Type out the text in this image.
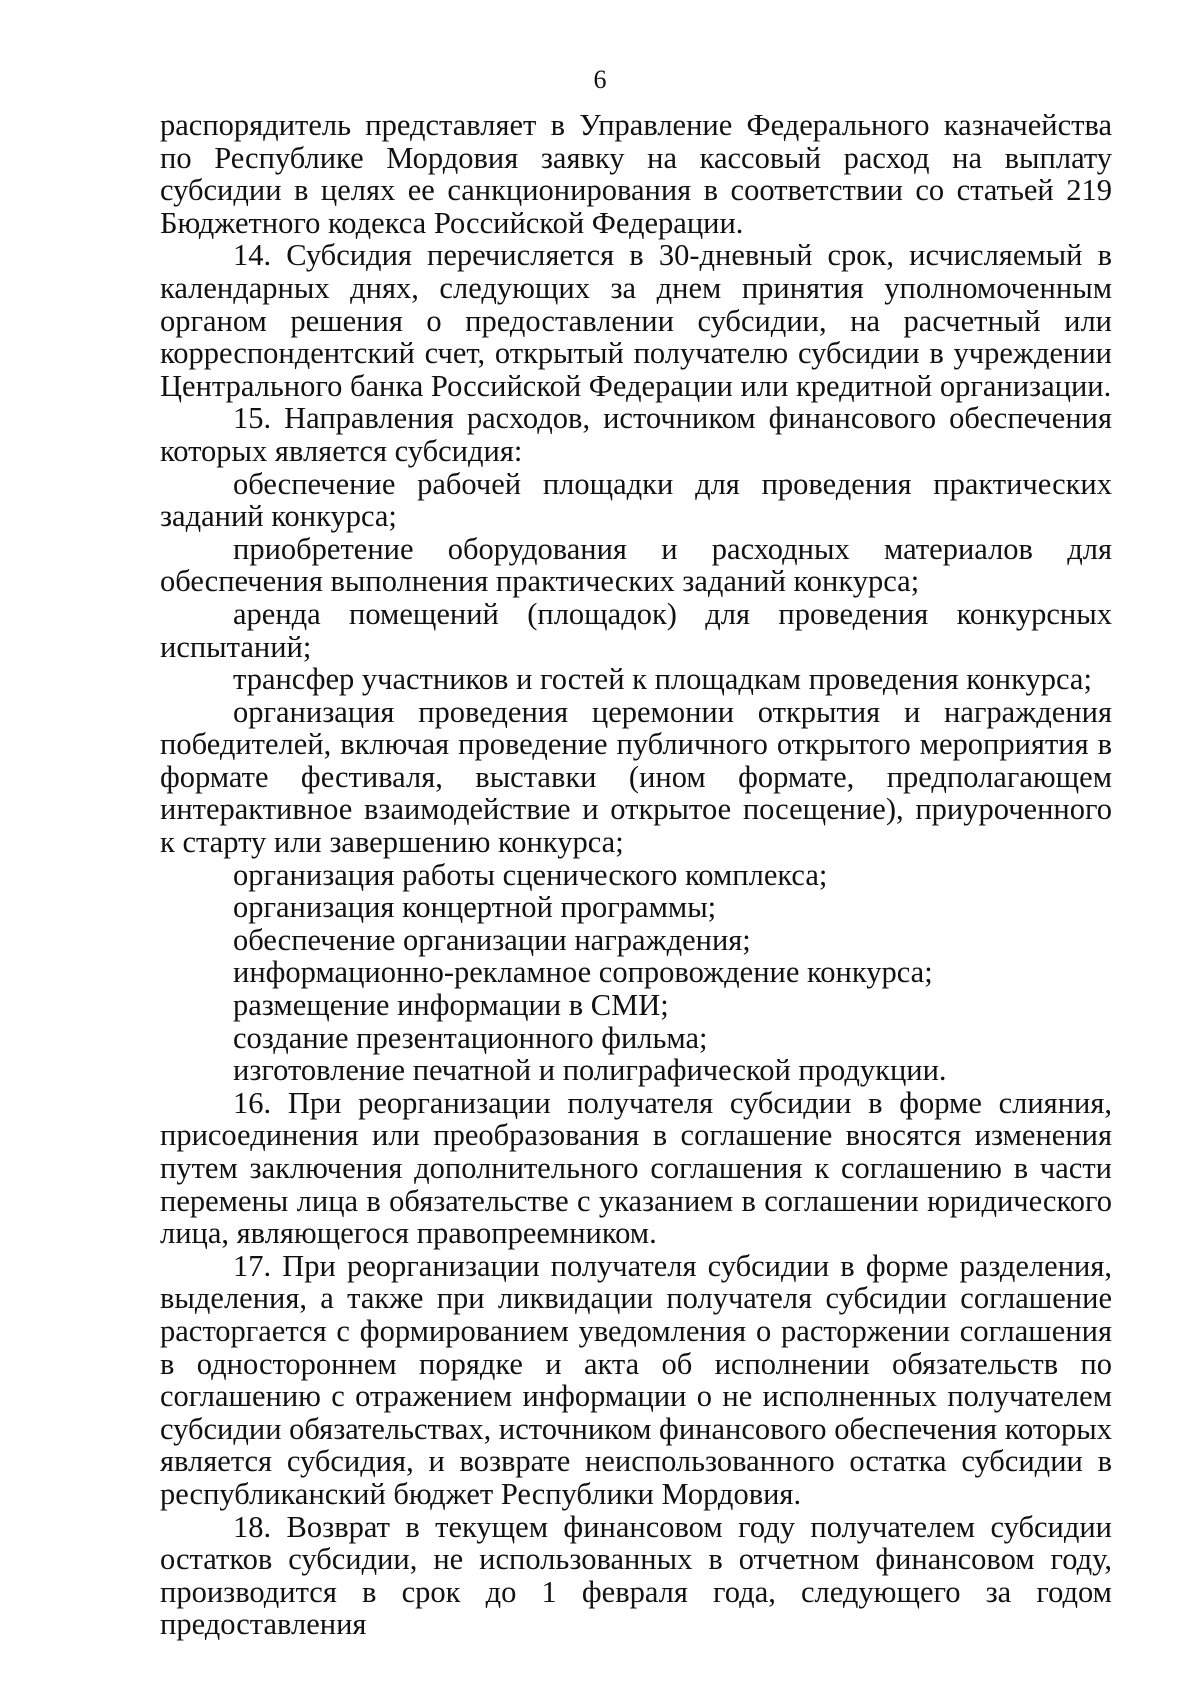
6

распорядитель представляет в Управление Федерального казначейства по Республике Мордовия заявку на кассовый расход на выплату субсидии в целях ее санкционирования в соответствии со статьей 219 Бюджетного кодекса Российской Федерации.

14. Субсидия перечисляется в 30-дневный срок, исчисляемый в календарных днях, следующих за днем принятия уполномоченным органом решения о предоставлении субсидии, на расчетный или корреспондентский счет, открытый получателю субсидии в учреждении Центрального банка Российской Федерации или кредитной организации.

15. Направления расходов, источником финансового обеспечения которых является субсидия:

обеспечение рабочей площадки для проведения практических заданий конкурса;

приобретение оборудования и расходных материалов для обеспечения выполнения практических заданий конкурса;

аренда помещений (площадок) для проведения конкурсных испытаний;

трансфер участников и гостей к площадкам проведения конкурса;

организация проведения церемонии открытия и награждения победителей, включая проведение публичного открытого мероприятия в формате фестиваля, выставки (ином формате, предполагающем интерактивное взаимодействие и открытое посещение), приуроченного к старту или завершению конкурса;

организация работы сценического комплекса;

организация концертной программы;

обеспечение организации награждения;

информационно-рекламное сопровождение конкурса;

размещение информации в СМИ;

создание презентационного фильма;

изготовление печатной и полиграфической продукции.

16. При реорганизации получателя субсидии в форме слияния, присоединения или преобразования в соглашение вносятся изменения путем заключения дополнительного соглашения к соглашению в части перемены лица в обязательстве с указанием в соглашении юридического лица, являющегося правопреемником.

17. При реорганизации получателя субсидии в форме разделения, выделения, а также при ликвидации получателя субсидии соглашение расторгается с формированием уведомления о расторжении соглашения в одностороннем порядке и акта об исполнении обязательств по соглашению с отражением информации о не исполненных получателем субсидии обязательствах, источником финансового обеспечения которых является субсидия, и возврате неиспользованного остатка субсидии в республиканский бюджет Республики Мордовия.

18. Возврат в текущем финансовом году получателем субсидии остатков субсидии, не использованных в отчетном финансовом году, производится в срок до 1 февраля года, следующего за годом предоставления
